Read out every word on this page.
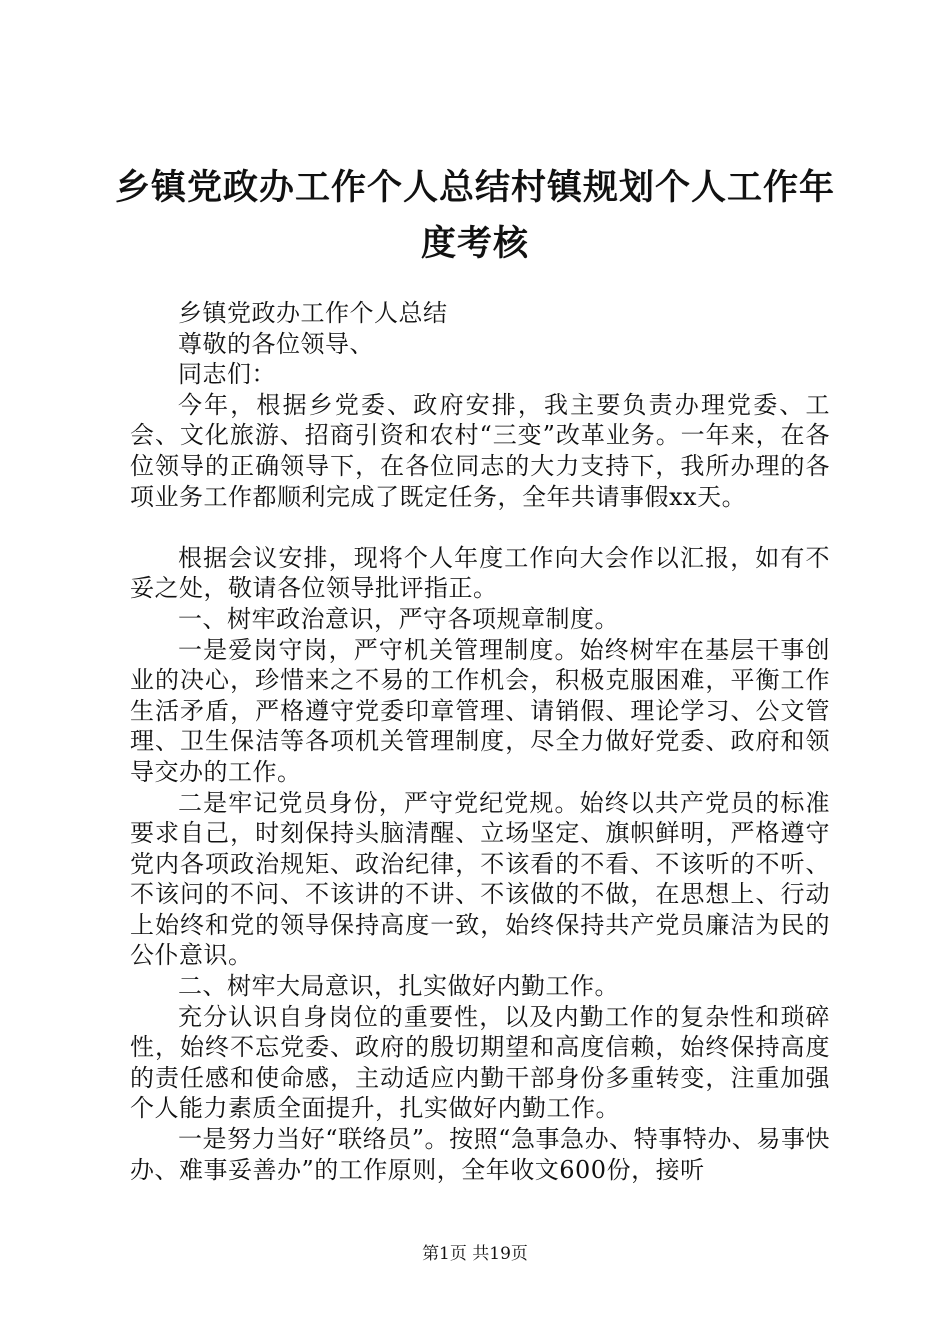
乡镇党政办工作个人总结村镇规划个人工作年度考核

乡镇党政办工作个人总结

尊敬的各位领导、

同志们：

今年，根据乡党委、政府安排，我主要负责办理党委、工会、文化旅游、招商引资和农村“三变”改革业务。一年来，在各位领导的正确领导下，在各位同志的大力支持下，我所办理的各项业务工作都顺利完成了既定任务，全年共请事假xx天。

根据会议安排，现将个人年度工作向大会作以汇报，如有不妥之处，敬请各位领导批评指正。

一、树牢政治意识，严守各项规章制度。

一是爱岗守岗，严守机关管理制度。始终树牢在基层干事创业的决心，珍惜来之不易的工作机会，积极克服困难，平衡工作生活矛盾，严格遵守党委印章管理、请销假、理论学习、公文管理、卫生保洁等各项机关管理制度，尽全力做好党委、政府和领导交办的工作。

二是牢记党员身份，严守党纪党规。始终以共产党员的标准要求自己，时刻保持头脑清醒、立场坚定、旗帜鲜明，严格遵守党内各项政治规矩、政治纪律，不该看的不看、不该听的不听、不该问的不问、不该讲的不讲、不该做的不做，在思想上、行动上始终和党的领导保持高度一致，始终保持共产党员廉洁为民的公仆意识。

二、树牢大局意识，扎实做好内勤工作。

充分认识自身岗位的重要性，以及内勤工作的复杂性和琐碎性，始终不忘党委、政府的殷切期望和高度信赖，始终保持高度的责任感和使命感，主动适应内勤干部身份多重转变，注重加强个人能力素质全面提升，扎实做好内勤工作。

一是努力当好“联络员”。按照“急事急办、特事特办、易事快办、难事妥善办”的工作原则，全年收文600份，接听

第1页 共19页
